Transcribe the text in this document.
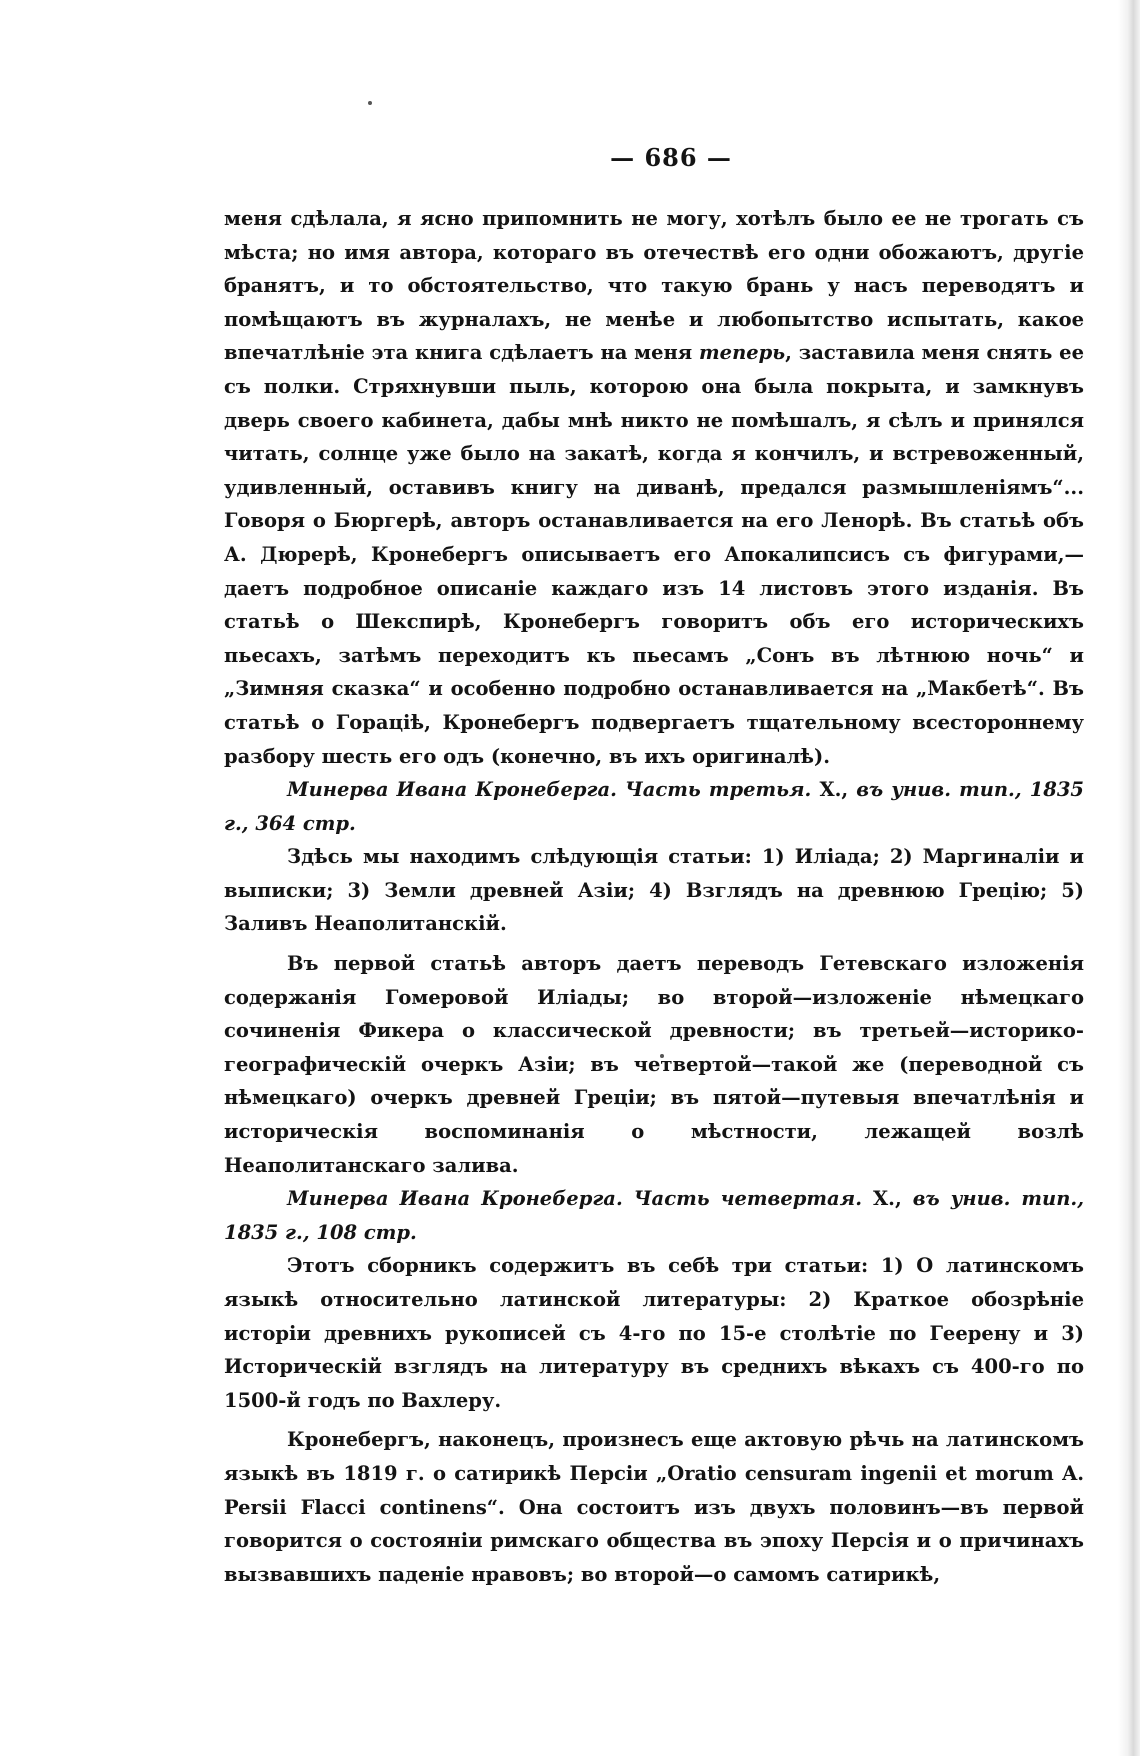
— 686 —

меня сдѣлала, я ясно припомнить не могу, хотѣлъ было ее не трогать съ мѣста; но имя автора, котораго въ отечествѣ его одни обожаютъ, другіе бранятъ, и то обстоятельство, что такую брань у насъ переводятъ и помѣщаютъ въ журналахъ, не менѣе и любопытство испытать, какое впечатлѣніе эта книга сдѣлаетъ на меня теперь, заставила меня снять ее съ полки. Стряхнувши пыль, которою она была покрыта, и замкнувъ дверь своего кабинета, дабы мнѣ никто не помѣшалъ, я сѣлъ и принялся читать, солнце уже было на закатѣ, когда я кончилъ, и встревоженный, удивленный, оставивъ книгу на диванѣ, предался размышленіямъ“... Говоря о Бюргерѣ, авторъ останавливается на его Ленорѣ. Въ статьѣ объ А. Дюрерѣ, Кронебергъ описываетъ его Апокалипсисъ съ фигурами,—даетъ подробное описаніе каждаго изъ 14 листовъ этого изданія. Въ статьѣ о Шекспирѣ, Кронебергъ говоритъ объ его историческихъ пьесахъ, затѣмъ переходитъ къ пьесамъ „Сонъ въ лѣтнюю ночь“ и „Зимняя сказка“ и особенно подробно останавливается на „Макбетѣ“. Въ статьѣ о Гораціѣ, Кронебергъ подвергаетъ тщательному всестороннему разбору шесть его одъ (конечно, въ ихъ оригиналѣ).

Минерва Ивана Кронеберга. Часть третья. X., въ унив. тип., 1835 г., 364 стр.

Здѣсь мы находимъ слѣдующія статьи: 1) Иліада; 2) Маргиналіи и выписки; 3) Земли древней Азіи; 4) Взглядъ на древнюю Грецію; 5) Заливъ Неаполитанскій.

Въ первой статьѣ авторъ даетъ переводъ Гетевскаго изложенія содержанія Гомеровой Иліады; во второй—изложеніе нѣмецкаго сочиненія Фикера о классической древности; въ третьей—историко-географическій очеркъ Азіи; въ четвертой—такой же (переводной съ нѣмецкаго) очеркъ древней Греціи; въ пятой—путевыя впечатлѣнія и историческія воспоминанія о мѣстности, лежащей возлѣ Неаполитанскаго залива.

Минерва Ивана Кронеберга. Часть четвертая. X., въ унив. тип., 1835 г., 108 стр.

Этотъ сборникъ содержитъ въ себѣ три статьи: 1) О латинскомъ языкѣ относительно латинской литературы: 2) Краткое обозрѣніе исторіи древнихъ рукописей съ 4-го по 15-е столѣтіе по Геерену и 3) Историческій взглядъ на литературу въ среднихъ вѣкахъ съ 400-го по 1500-й годъ по Вахлеру.

Кронебергъ, наконецъ, произнесъ еще актовую рѣчь на латинскомъ языкѣ въ 1819 г. о сатирикѣ Персіи „Oratio censuram ingenii et morum A. Persii Flacci continens“. Она состоитъ изъ двухъ половинъ—въ первой говорится о состояніи римскаго общества въ эпоху Персія и о причинахъ вызвавшихъ паденіе нравовъ; во второй—о самомъ сатирикѣ,
